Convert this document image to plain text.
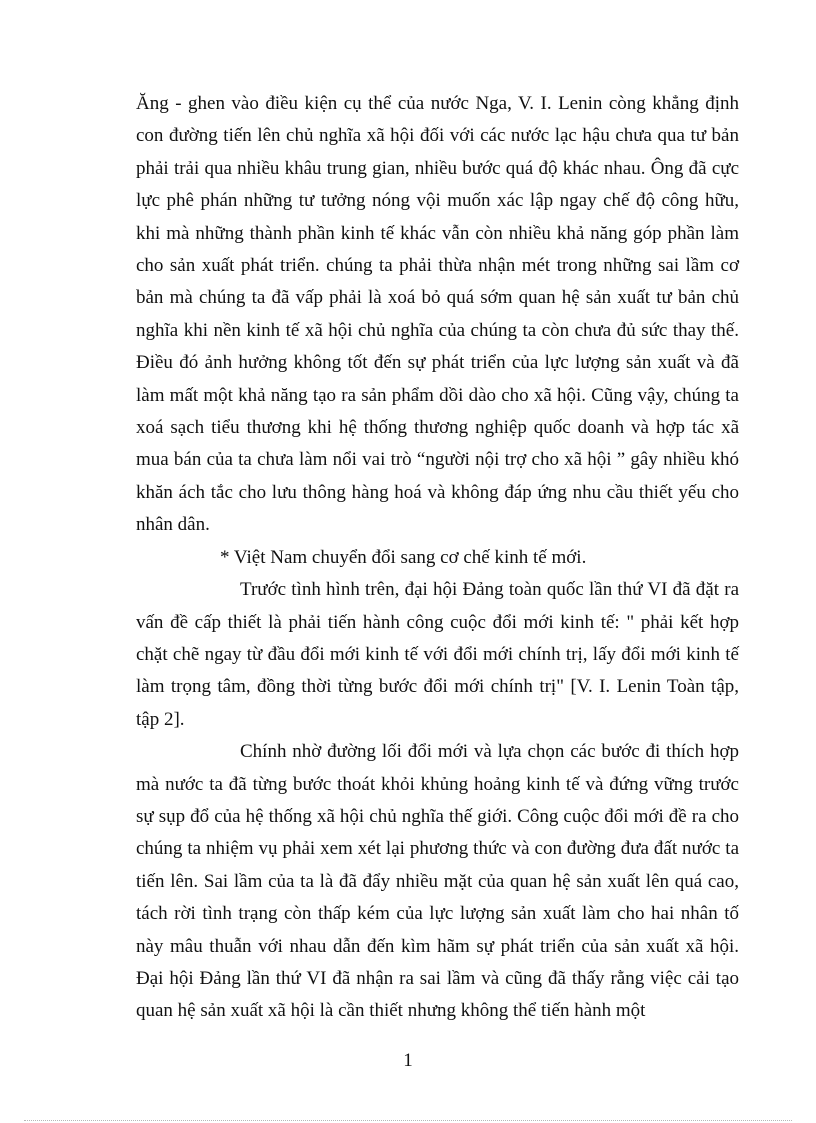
Ăng - ghen vào điều kiện cụ thể của nước Nga, V. I. Lenin còng khẳng định con đường tiến lên chủ nghĩa xã hội đối với các nước lạc hậu chưa qua tư bản phải trải qua nhiều khâu trung gian, nhiều bước quá độ khác nhau. Ông đã cực lực phê phán những tư tưởng nóng vội muốn xác lập ngay chế độ công hữu, khi mà những thành phần kinh tế khác vẫn còn nhiều khả năng góp phần làm cho sản xuất phát triển. chúng ta phải thừa nhận mét trong những sai lầm cơ bản mà chúng ta đã vấp phải là xoá bỏ quá sớm quan hệ sản xuất tư bản chủ nghĩa khi nền kinh tế xã hội chủ nghĩa của chúng ta còn chưa đủ sức thay thế. Điều đó ảnh hưởng không tốt đến sự phát triển của lực lượng sản xuất và đã làm mất một khả năng tạo ra sản phẩm dồi dào cho xã hội. Cũng vậy, chúng ta xoá sạch tiểu thương khi hệ thống thương nghiệp quốc doanh và hợp tác xã mua bán của ta chưa làm nổi vai trò “người nội trợ cho xã hội ” gây nhiều khó khăn ách tắc cho lưu thông hàng hoá và không đáp ứng nhu cầu thiết yếu cho nhân dân.

* Việt Nam chuyển đổi sang cơ chế kinh tế mới.

Trước tình hình trên, đại hội Đảng toàn quốc lần thứ VI đã đặt ra vấn đề cấp thiết là phải tiến hành công cuộc đổi mới kinh tế: " phải kết hợp chặt chẽ ngay từ đầu đổi mới kinh tế với đổi mới chính trị, lấy đổi mới kinh tế làm trọng tâm, đồng thời từng bước đổi mới chính trị" [V. I. Lenin Toàn tập, tập 2].

Chính nhờ đường lối đổi mới và lựa chọn các bước đi thích hợp mà nước ta đã từng bước thoát khỏi khủng hoảng kinh tế và đứng vững trước sự sụp đổ của hệ thống xã hội chủ nghĩa thế giới. Công cuộc đổi mới đề ra cho chúng ta nhiệm vụ phải xem xét lại phương thức và con đường đưa đất nước ta tiến lên. Sai lầm của ta là đã đẩy nhiều mặt của quan hệ sản xuất lên quá cao, tách rời tình trạng còn thấp kém của lực lượng sản xuất làm cho hai nhân tố này mâu thuẫn với nhau dẫn đến kìm hãm sự phát triển của sản xuất xã hội. Đại hội Đảng lần thứ VI đã nhận ra sai lầm và cũng đã thấy rằng việc cải tạo quan hệ sản xuất xã hội là cần thiết nhưng không thể tiến hành một

1
